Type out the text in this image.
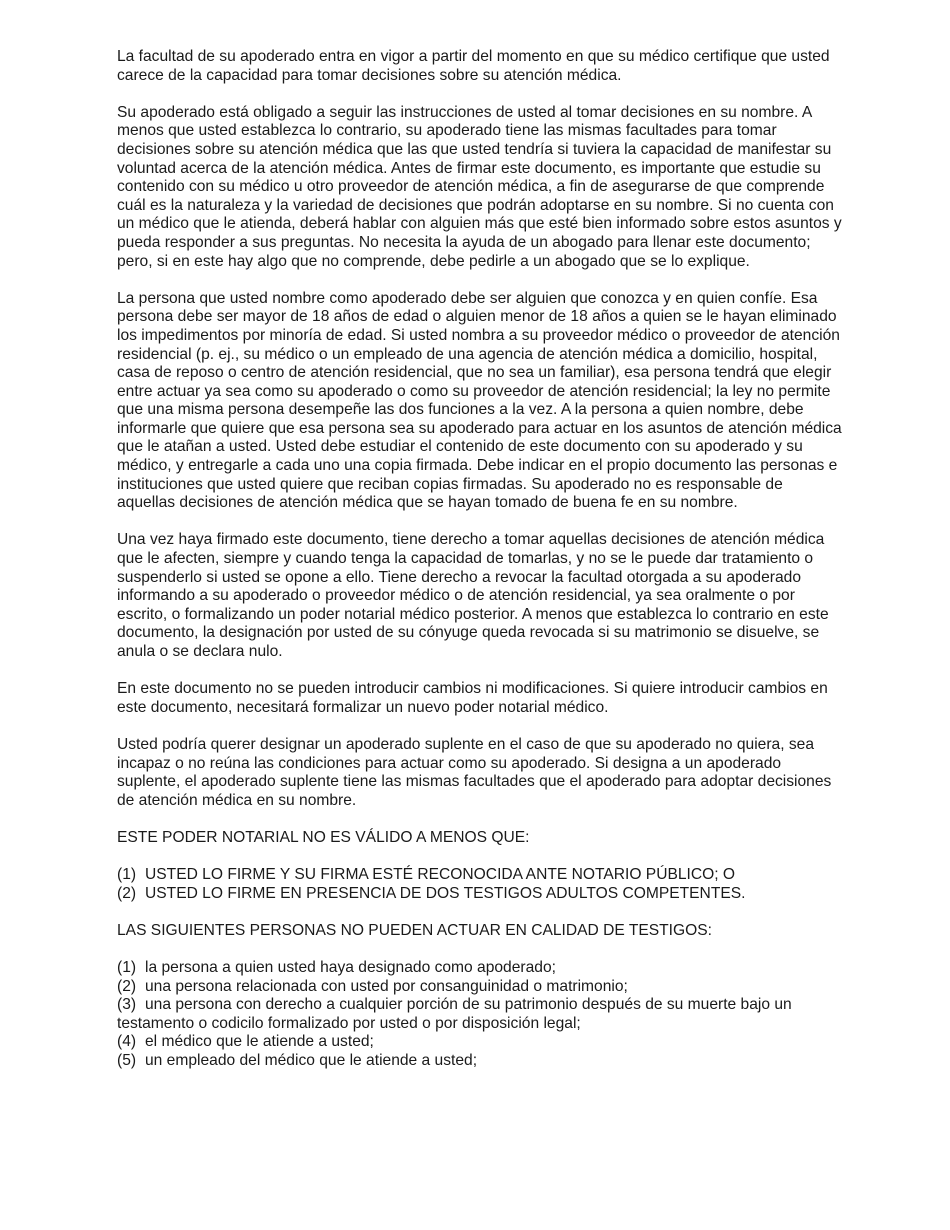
La facultad de su apoderado entra en vigor a partir del momento en que su médico certifique que usted carece de la capacidad para tomar decisiones sobre su atención médica.

Su apoderado está obligado a seguir las instrucciones de usted al tomar decisiones en su nombre. A menos que usted establezca lo contrario, su apoderado tiene las mismas facultades para tomar decisiones sobre su atención médica que las que usted tendría si tuviera la capacidad de manifestar su voluntad acerca de la atención médica. Antes de firmar este documento, es importante que estudie su contenido con su médico u otro proveedor de atención médica, a fin de asegurarse de que comprende cuál es la naturaleza y la variedad de decisiones que podrán adoptarse en su nombre. Si no cuenta con un médico que le atienda, deberá hablar con alguien más que esté bien informado sobre estos asuntos y pueda responder a sus preguntas. No necesita la ayuda de un abogado para llenar este documento; pero, si en este hay algo que no comprende, debe pedirle a un abogado que se lo explique.

La persona que usted nombre como apoderado debe ser alguien que conozca y en quien confíe. Esa persona debe ser mayor de 18 años de edad o alguien menor de 18 años a quien se le hayan eliminado los impedimentos por minoría de edad. Si usted nombra a su proveedor médico o proveedor de atención residencial (p. ej., su médico o un empleado de una agencia de atención médica a domicilio, hospital, casa de reposo o centro de atención residencial, que no sea un familiar), esa persona tendrá que elegir entre actuar ya sea como su apoderado o como su proveedor de atención residencial; la ley no permite que una misma persona desempeñe las dos funciones a la vez. A la persona a quien nombre, debe informarle que quiere que esa persona sea su apoderado para actuar en los asuntos de atención médica que le atañan a usted. Usted debe estudiar el contenido de este documento con su apoderado y su médico, y entregarle a cada uno una copia firmada. Debe indicar en el propio documento las personas e instituciones que usted quiere que reciban copias firmadas. Su apoderado no es responsable de aquellas decisiones de atención médica que se hayan tomado de buena fe en su nombre.

Una vez haya firmado este documento, tiene derecho a tomar aquellas decisiones de atención médica que le afecten, siempre y cuando tenga la capacidad de tomarlas, y no se le puede dar tratamiento o suspenderlo si usted se opone a ello. Tiene derecho a revocar la facultad otorgada a su apoderado informando a su apoderado o proveedor médico o de atención residencial, ya sea oralmente o por escrito, o formalizando un poder notarial médico posterior. A menos que establezca lo contrario en este documento, la designación por usted de su cónyuge queda revocada si su matrimonio se disuelve, se anula o se declara nulo.

En este documento no se pueden introducir cambios ni modificaciones. Si quiere introducir cambios en este documento, necesitará formalizar un nuevo poder notarial médico.

Usted podría querer designar un apoderado suplente en el caso de que su apoderado no quiera, sea incapaz o no reúna las condiciones para actuar como su apoderado. Si designa a un apoderado suplente, el apoderado suplente tiene las mismas facultades que el apoderado para adoptar decisiones de atención médica en su nombre.

ESTE PODER NOTARIAL NO ES VÁLIDO A MENOS QUE:

(1) USTED LO FIRME Y SU FIRMA ESTÉ RECONOCIDA ANTE NOTARIO PÚBLICO; O
(2) USTED LO FIRME EN PRESENCIA DE DOS TESTIGOS ADULTOS COMPETENTES.

LAS SIGUIENTES PERSONAS NO PUEDEN ACTUAR EN CALIDAD DE TESTIGOS:

(1) la persona a quien usted haya designado como apoderado;
(2) una persona relacionada con usted por consanguinidad o matrimonio;
(3) una persona con derecho a cualquier porción de su patrimonio después de su muerte bajo un testamento o codicilo formalizado por usted o por disposición legal;
(4) el médico que le atiende a usted;
(5) un empleado del médico que le atiende a usted;
